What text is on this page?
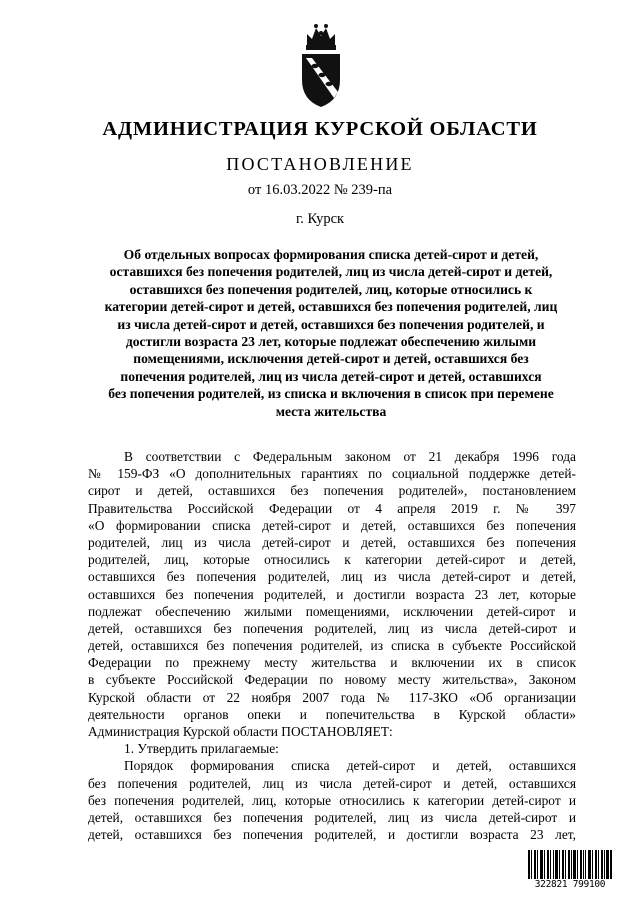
АДМИНИСТРАЦИЯ КУРСКОЙ ОБЛАСТИ
ПОСТАНОВЛЕНИЕ
от 16.03.2022 № 239-па
г. Курск
Об отдельных вопросах формирования списка детей-сирот и детей,
оставшихся без попечения родителей, лиц из числа детей-сирот и детей,
оставшихся без попечения родителей, лиц, которые относились к
категории детей-сирот и детей, оставшихся без попечения родителей, лиц
из числа детей-сирот и детей, оставшихся без попечения родителей, и
достигли возраста 23 лет, которые подлежат обеспечению жилыми
помещениями, исключения детей-сирот и детей, оставшихся без
попечения родителей, лиц из числа детей-сирот и детей, оставшихся
без попечения родителей, из списка и включения в список при перемене
места жительства
В соответствии с Федеральным законом от 21 декабря 1996 года
№ 159-ФЗ «О дополнительных гарантиях по социальной поддержке детей-
сирот и детей, оставшихся без попечения родителей», постановлением
Правительства Российской Федерации от 4 апреля 2019 г. № 397
«О формировании списка детей-сирот и детей, оставшихся без попечения
родителей, лиц из числа детей-сирот и детей, оставшихся без попечения
родителей, лиц, которые относились к категории детей-сирот и детей,
оставшихся без попечения родителей, лиц из числа детей-сирот и детей,
оставшихся без попечения родителей, и достигли возраста 23 лет, которые
подлежат обеспечению жилыми помещениями, исключении детей-сирот и
детей, оставшихся без попечения родителей, лиц из числа детей-сирот и
детей, оставшихся без попечения родителей, из списка в субъекте Российской
Федерации по прежнему месту жительства и включении их в список
в субъекте Российской Федерации по новому месту жительства», Законом
Курской области от 22 ноября 2007 года № 117-ЗКО «Об организации
деятельности органов опеки и попечительства в Курской области»
Администрация Курской области ПОСТАНОВЛЯЕТ:
1. Утвердить прилагаемые:
Порядок формирования списка детей-сирот и детей, оставшихся
без попечения родителей, лиц из числа детей-сирот и детей, оставшихся
без попечения родителей, лиц, которые относились к категории детей-сирот и
детей, оставшихся без попечения родителей, лиц из числа детей-сирот и
детей, оставшихся без попечения родителей, и достигли возраста 23 лет,
322821 799100
